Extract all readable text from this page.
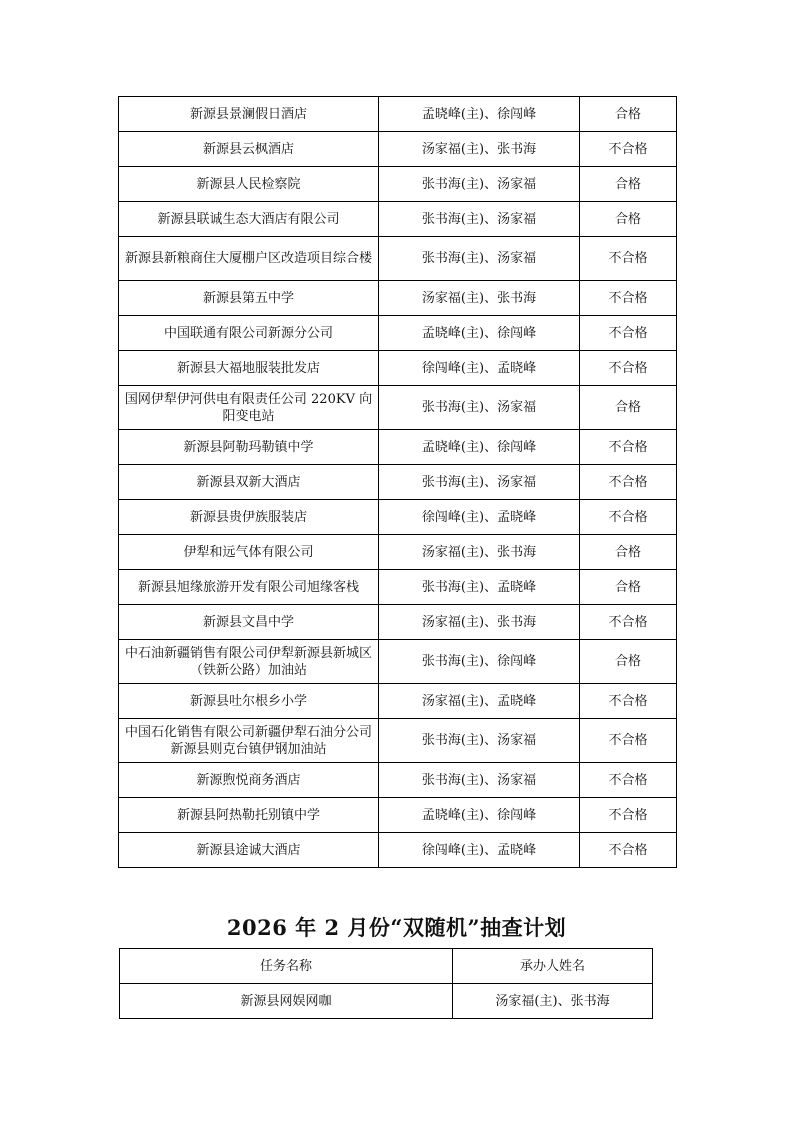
新源县景澜假日酒店	孟晓峰(主)、徐闯峰	合格
新源县云枫酒店	汤家福(主)、张书海	不合格
新源县人民检察院	张书海(主)、汤家福	合格
新源县联诚生态大酒店有限公司	张书海(主)、汤家福	合格
新源县新粮商住大厦棚户区改造项目综合楼	张书海(主)、汤家福	不合格
新源县第五中学	汤家福(主)、张书海	不合格
中国联通有限公司新源分公司	孟晓峰(主)、徐闯峰	不合格
新源县大福地服装批发店	徐闯峰(主)、孟晓峰	不合格
国网伊犁伊河供电有限责任公司 220KV 向阳变电站	张书海(主)、汤家福	合格
新源县阿勒玛勒镇中学	孟晓峰(主)、徐闯峰	不合格
新源县双新大酒店	张书海(主)、汤家福	不合格
新源县贵伊族服装店	徐闯峰(主)、孟晓峰	不合格
伊犁和远气体有限公司	汤家福(主)、张书海	合格
新源县旭缘旅游开发有限公司旭缘客栈	张书海(主)、孟晓峰	合格
新源县文昌中学	汤家福(主)、张书海	不合格
中石油新疆销售有限公司伊犁新源县新城区（铁新公路）加油站	张书海(主)、徐闯峰	合格
新源县吐尔根乡小学	汤家福(主)、孟晓峰	不合格
中国石化销售有限公司新疆伊犁石油分公司新源县则克台镇伊钢加油站	张书海(主)、汤家福	不合格
新源煦悦商务酒店	张书海(主)、汤家福	不合格
新源县阿热勒托别镇中学	孟晓峰(主)、徐闯峰	不合格
新源县途诚大酒店	徐闯峰(主)、孟晓峰	不合格
2026 年 2 月份“双随机”抽查计划
任务名称	承办人姓名
新源县网娱网咖	汤家福(主)、张书海
